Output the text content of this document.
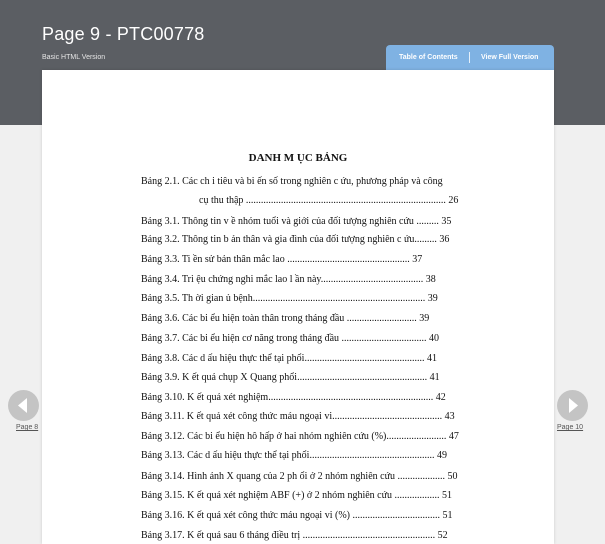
Page 9 - PTC00778
Basic HTML Version	Table of Contents	View Full Version
DANH M ỤC BẢNG
Bảng 2.1. Các ch i tiêu và bi ến số trong nghiên c ứu, phương pháp và công
cụ thu thập ................................................................................ 26
Bảng 3.1. Thông tin v ề nhóm tuổi và giới của đối tượng nghiên cứu ......... 35
Bảng 3.2. Thông tin b ản thân và gia đình của đối tượng nghiên c ứu......... 36
Bảng 3.3. Ti ền sử bản thân mắc lao ................................................. 37
Bảng 3.4. Tri ệu chứng nghi mắc lao l ần này......................................... 38
Bảng 3.5. Th ời gian ủ bệnh..................................................................... 39
Bảng 3.6. Các bi ểu hiện toàn thân trong tháng đầu ............................ 39
Bảng 3.7. Các bi ểu hiện cơ năng trong tháng đầu .................................. 40
Bảng 3.8. Các d ấu hiệu thực thể tại phổi................................................ 41
Bảng 3.9. K ết quả chụp X Quang phổi.................................................... 41
Bảng 3.10. K ết quả xét nghiệm.................................................................. 42
Bảng 3.11. K ết quả xét công thức máu ngoại vi............................................ 43
Bảng 3.12. Các bi ểu hiện hô hấp ở hai nhóm nghiên cứu (%)........................ 47
Bảng 3.13. Các d ấu hiệu thực thể tại phổi.................................................. 49
Bảng 3.14. Hình ảnh X quang của 2 ph ổi ở 2 nhóm nghiên cứu ................... 50
Bảng 3.15. K ết quả xét nghiệm ABF (+) ở 2 nhóm nghiên cứu .................. 51
Bảng 3.16. K ết quả xét công thức máu ngoại vi (%) ................................... 51
Bảng 3.17. K ết quả sau 6 tháng điều trị ..................................................... 52
Page 8	Page 10
